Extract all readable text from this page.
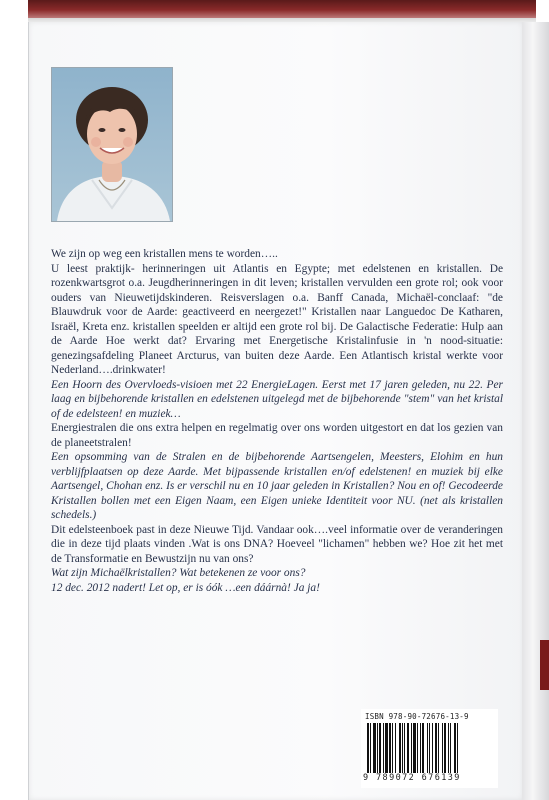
We zijn op weg een kristallen mens te worden…..

U leest praktijk- herinneringen uit Atlantis en Egypte; met edelstenen en kristallen. De rozenkwartsgrot o.a. Jeugdherinneringen in dit leven; kristallen vervulden een grote rol; ook voor ouders van Nieuwetijdskinderen. Reisverslagen o.a. Banff Canada, Michaël-conclaaf: "de Blauwdruk voor de Aarde: geactiveerd en neergezet!" Kristallen naar Languedoc De Katharen, Israël, Kreta enz. kristallen speelden er altijd een grote rol bij. De Galactische Federatie: Hulp aan de Aarde Hoe werkt dat? Ervaring met Energetische Kristalinfusie in 'n nood-situatie: genezingsafdeling Planeet Arcturus, van buiten deze Aarde. Een Atlantisch kristal werkte voor Nederland….drinkwater!

Een Hoorn des Overvloeds-visioen met 22 EnergieLagen. Eerst met 17 jaren geleden, nu 22. Per laag en bijbehorende kristallen en edelstenen uitgelegd met de bijbehorende "stem" van het kristal of de edelsteen! en muziek…

Energiestralen die ons extra helpen en regelmatig over ons worden uitgestort en dat los gezien van de planeetstralen!

Een opsomming van de Stralen en de bijbehorende Aartsengelen, Meesters, Elohim en hun verblijfplaatsen op deze Aarde. Met bijpassende kristallen en/of edelstenen! en muziek bij elke Aartsengel, Chohan enz. Is er verschil nu en 10 jaar geleden in Kristallen? Nou en of! Gecodeerde Kristallen bollen met een Eigen Naam, een Eigen unieke Identiteit voor NU. (net als kristallen schedels.)

Dit edelsteenboek past in deze Nieuwe Tijd. Vandaar ook….veel informatie over de veranderingen die in deze tijd plaats vinden .Wat is ons DNA? Hoeveel "lichamen" hebben we? Hoe zit het met de Transformatie en Bewustzijn nu van ons?

Wat zijn Michaëlkristallen? Wat betekenen ze voor ons?

12 dec. 2012 nadert! Let op, er is óók …een dáárnà! Ja ja!

ISBN 978-90-72676-13-9
9 789072 676139
